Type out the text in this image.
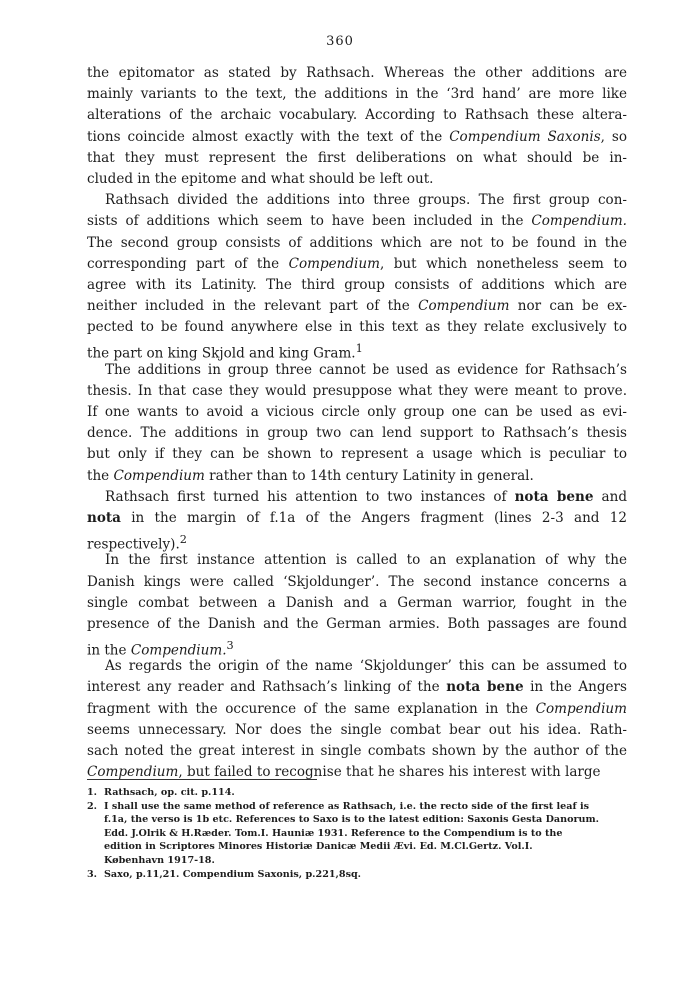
360
the epitomator as stated by Rathsach. Whereas the other additions are
mainly variants to the text, the additions in the ‘3rd hand’ are more like
alterations of the archaic vocabulary. According to Rathsach these altera-
tions coincide almost exactly with the text of the Compendium Saxonis, so
that they must represent the first deliberations on what should be in-
cluded in the epitome and what should be left out.
Rathsach divided the additions into three groups. The first group con-
sists of additions which seem to have been included in the Compendium.
The second group consists of additions which are not to be found in the
corresponding part of the Compendium, but which nonetheless seem to
agree with its Latinity. The third group consists of additions which are
neither included in the relevant part of the Compendium nor can be ex-
pected to be found anywhere else in this text as they relate exclusively to
the part on king Skjold and king Gram.$^1$
The additions in group three cannot be used as evidence for Rathsach’s
thesis. In that case they would presuppose what they were meant to prove.
If one wants to avoid a vicious circle only group one can be used as evi-
dence. The additions in group two can lend support to Rathsach’s thesis
but only if they can be shown to represent a usage which is peculiar to
the Compendium rather than to 14th century Latinity in general.
Rathsach first turned his attention to two instances of nota bene and
nota in the margin of f.1a of the Angers fragment (lines 2-3 and 12
respectively).$^2$
In the first instance attention is called to an explanation of why the
Danish kings were called ‘Skjoldunger’. The second instance concerns a
single combat between a Danish and a German warrior, fought in the
presence of the Danish and the German armies. Both passages are found
in the Compendium.$^3$
As regards the origin of the name ‘Skjoldunger’ this can be assumed to
interest any reader and Rathsach’s linking of the nota bene in the Angers
fragment with the occurence of the same explanation in the Compendium
seems unnecessary. Nor does the single combat bear out his idea. Rath-
sach noted the great interest in single combats shown by the author of the
Compendium, but failed to recognise that he shares his interest with large
1. Rathsach, op. cit. p.114.
2. I shall use the same method of reference as Rathsach, i.e. the recto side of the first leaf is
f.1a, the verso is 1b etc. References to Saxo is to the latest edition: Saxonis Gesta Danorum.
Edd. J.Olrik & H.Ræder. Tom.I. Hauniæ 1931. Reference to the Compendium is to the
edition in Scriptores Minores Historiæ Danicæ Medii Ævi. Ed. M.Cl.Gertz. Vol.I.
København 1917-18.
3. Saxo, p.11,21. Compendium Saxonis, p.221,8sq.
